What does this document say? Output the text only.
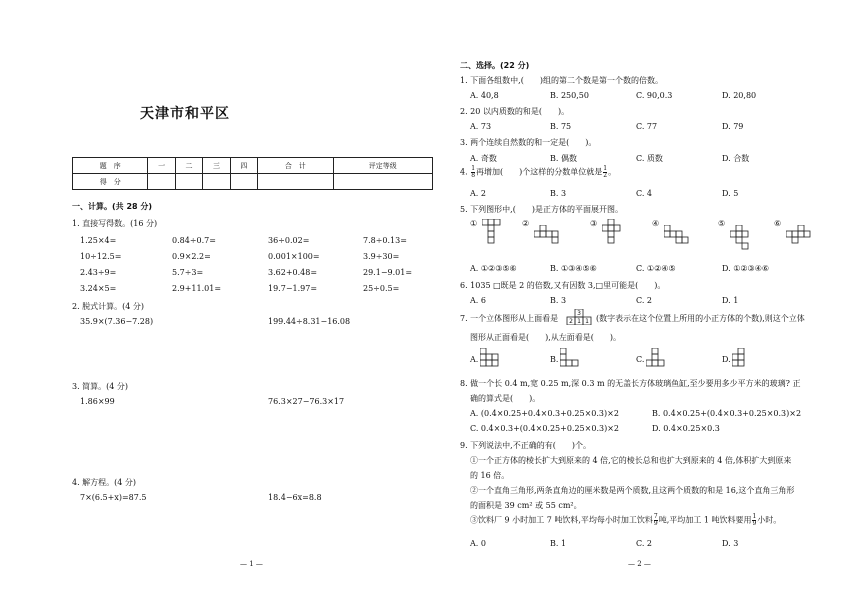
天津市和平区
题　序	一	二	三	四	合　计	评定等级
得　分						
一、计算。(共 28 分)
1. 直接写得数。(16 分)
1.25×4=	0.84÷0.7=	36÷0.02=	7.8÷0.13=
10÷12.5=	0.9×2.2=	0.001×100=	3.9÷30=
2.43÷9=	5.7÷3=	3.62+0.48=	29.1−9.01=
3.24×5=	2.9+11.01=	19.7−1.97=	25÷0.5=
2. 脱式计算。(4 分)
35.9×(7.36−7.28)	199.44÷8.31−16.08
3. 简算。(4 分)
1.86×99	76.3×27−76.3×17
4. 解方程。(4 分)
7×(6.5+x)=87.5	18.4−6x=8.8
— 1 —
二、选择。(22 分)
1. 下面各组数中,(　　)组的第二个数是第一个数的倍数。
A. 40,8	B. 250,50	C. 90,0.3	D. 20,80
2. 20 以内质数的和是(　　)。
A. 73	B. 75	C. 77	D. 79
3. 两个连续自然数的和一定是(　　)。
A. 奇数	B. 偶数	C. 质数	D. 合数
4. $\frac{1}{8}$ 再增加(　　)个这样的分数单位就是 $\frac{1}{2}$ 。
A. 2	B. 3	C. 4	D. 5
5. 下列图形中,(　　)是正方体的平面展开图。
①	②	③	④	⑤	⑥
A. ①②③⑤⑥	B. ①③④⑤⑥	C. ①②④⑤	D. ①②③④⑥
6. 1035 □既是 2 的倍数,又有因数 3,□里可能是(　　)。
A. 6	B. 3	C. 2	D. 1
7. 一个立体图形从上面看是
3
2 1 1 (数字表示在这个位置上所用的小正方体的个数),则这个立体
图形从正面看是(　　),从左面看是(　　)。
A.	B.	C.	D.
8. 做一个长 0.4 m,宽 0.25 m,深 0.3 m 的无盖长方体玻璃鱼缸,至少要用多少平方米的玻璃? 正
确的算式是(　　)。
A. (0.4×0.25+0.4×0.3+0.25×0.3)×2	B. 0.4×0.25+(0.4×0.3+0.25×0.3)×2
C. 0.4×0.3+(0.4×0.25+0.25×0.3)×2	D. 0.4×0.25×0.3
9. 下列说法中,不正确的有(　　)个。
①一个正方体的棱长扩大到原来的 4 倍,它的棱长总和也扩大到原来的 4 倍,体积扩大到原来
的 16 倍。
②一个直角三角形,两条直角边的厘米数是两个质数,且这两个质数的和是 16,这个直角三角形
的面积是 39 cm² 或 55 cm²。
③饮料厂 9 小时加工 7 吨饮料,平均每小时加工饮料 $\frac{7}{9}$ 吨,平均加工 1 吨饮料要用 $\frac{1}{9}$ 小时。
A. 0	B. 1	C. 2	D. 3
— 2 —
